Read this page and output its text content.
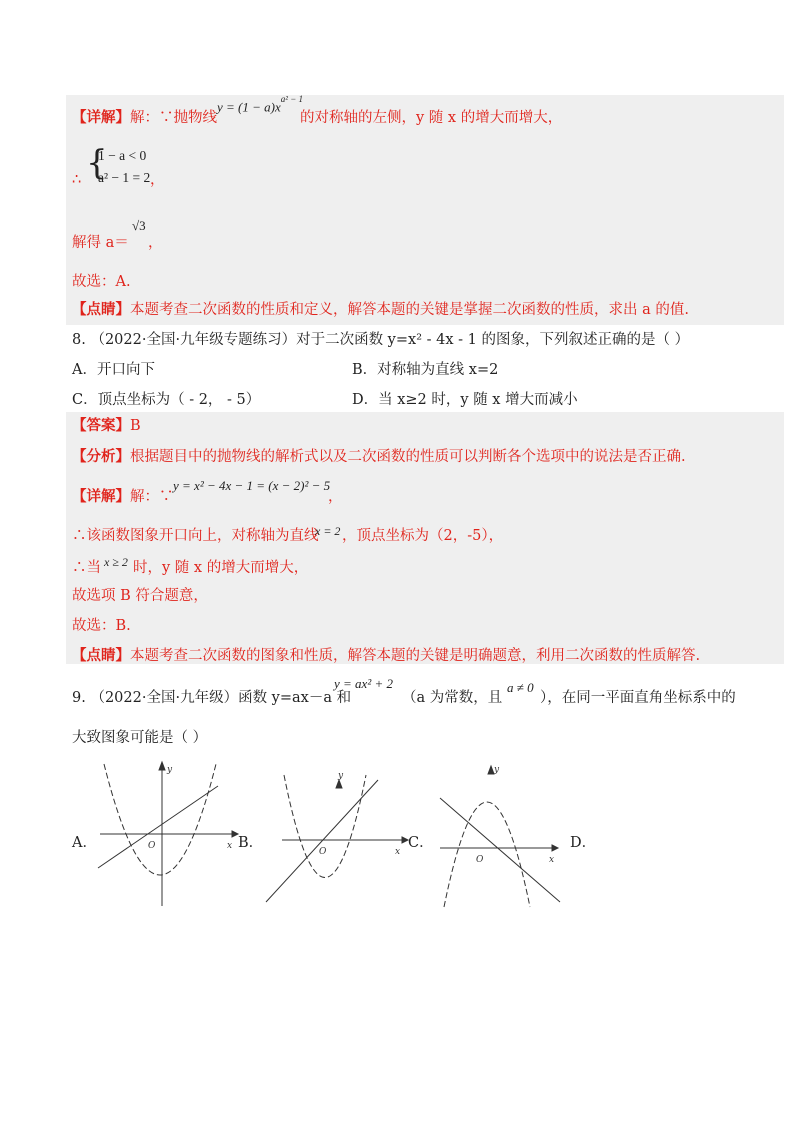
【详解】解：∵抛物线
$y = (1 - a)x^{a^2 - 1}$
的对称轴的左侧，y 随 x 的增大而增大，
∴ {
1 − a < 0
a² − 1 = 2 ，
解得 a＝
√3
，
故选：A.
【点睛】本题考查二次函数的性质和定义，解答本题的关键是掌握二次函数的性质，求出 a 的值.
8. （2022·全国·九年级专题练习）对于二次函数 y=x² - 4x - 1 的图象，下列叙述正确的是（ ）
A．开口向下	B．对称轴为直线 x=2
C．顶点坐标为（ - 2， - 5）	D．当 x≥2 时，y 随 x 增大而减小
【答案】B
【分析】根据题目中的抛物线的解析式以及二次函数的性质可以判断各个选项中的说法是否正确.
【详解】解：∵
y = x² − 4x − 1 = (x − 2)² − 5
，
∴该函数图象开口向上，对称轴为直线
x = 2 ，顶点坐标为（2，-5），
∴当 x ≥ 2 时，y 随 x 的增大而增大，
故选项 B 符合题意，
故选：B.
【点睛】本题考查二次函数的图象和性质，解答本题的关键是明确题意，利用二次函数的性质解答.
9. （2022·全国·九年级）函数 y=ax－a 和
y = ax² + 2
（a 为常数，且
a ≠ 0
），在同一平面直角坐标系中的
大致图象可能是（ ）
A．	B．	C．	D．
y
x
O
y
x
O
y
x
O
